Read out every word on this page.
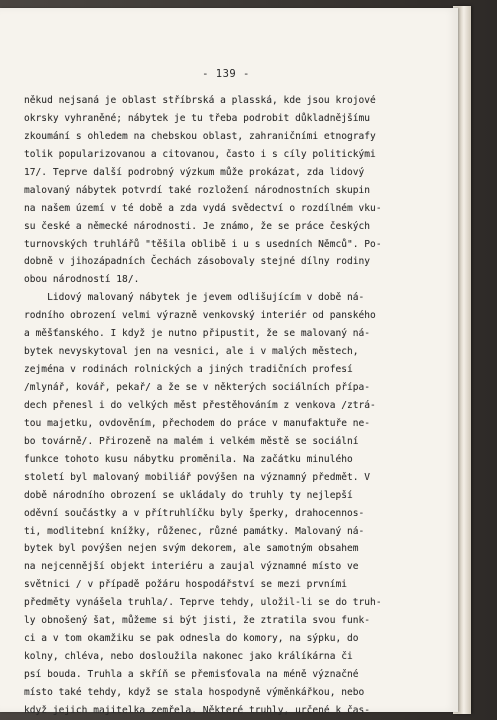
- 139 -
někud nejsaná je oblast stříbrská a plasská, kde jsou krojové
okrsky vyhraněné; nábytek je tu třeba podrobit důkladnějšímu
zkoumání s ohledem na chebskou oblast, zahraničními etnografy
tolik popularizovanou a citovanou, často i s cíly politickými
17/. Teprve další podrobný výzkum může prokázat, zda lidový
malovaný nábytek potvrdí také rozložení národnostních skupin
na našem území v té době a zda vydá svědectví o rozdílném vku-
su české a německé národnosti. Je známo, že se práce českých
turnovských truhlářů "těšila oblibě i u s usedních Němců". Po-
dobně v jihozápadních Čechách zásobovaly stejné dílny rodiny
obou národností 18/.
Lidový malovaný nábytek je jevem odlišujícím v době ná-
rodního obrození velmi výrazně venkovský interiér od panského
a měšťanského. I když je nutno připustit, že se malovaný ná-
bytek nevyskytoval jen na vesnici, ale i v malých městech,
zejména v rodinách rolnických a jiných tradičních profesí
/mlynář, kovář, pekař/ a že se v některých sociálních přípa-
dech přenesl i do velkých měst přestěhováním z venkova /ztrá-
tou majetku, ovdověním, přechodem do práce v manufaktuře ne-
bo továrně/. Přirozeně na malém i velkém městě se sociální
funkce tohoto kusu nábytku proměnila. Na začátku minulého
století byl malovaný mobiliář povýšen na významný předmět. V
době národního obrození se ukládaly do truhly ty nejlepší
oděvní součástky a v přítruhlíčku byly šperky, drahocennos-
ti, modlitební knížky, růženec, různé památky. Malovaný ná-
bytek byl povýšen nejen svým dekorem, ale samotným obsahem
na nejcennější objekt interiéru a zaujal významné místo ve
světnici / v případě požáru hospodářství se mezi prvními
předměty vynášela truhla/. Teprve tehdy, uložil-li se do truh-
ly obnošený šat, můžeme si být jisti, že ztratila svou funk-
ci a v tom okamžiku se pak odnesla do komory, na sýpku, do
kolny, chléva, nebo dosloužila nakonec jako králíkárna či
psí bouda. Truhla a skříň se přemisťovala na méně význačné
místo také tehdy, když se stala hospodyně výměnkářkou, nebo
když jejich majitelka zemřela. Některé truhly, určené k čas-
